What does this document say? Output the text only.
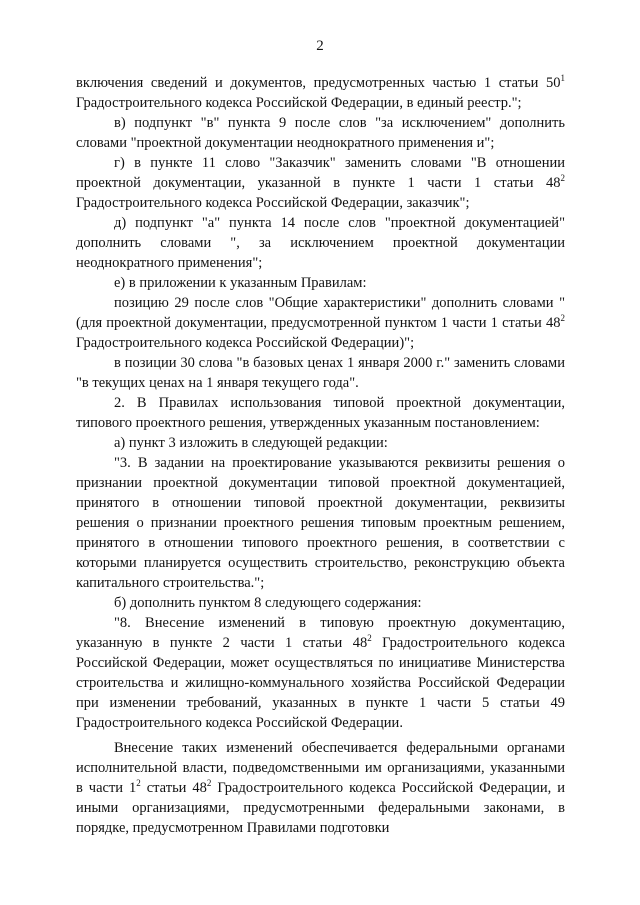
2

включения сведений и документов, предусмотренных частью 1 статьи $50^1$ Градостроительного кодекса Российской Федерации, в единый реестр.";

в) подпункт "в" пункта 9 после слов "за исключением" дополнить словами "проектной документации неоднократного применения и";

г) в пункте 11 слово "Заказчик" заменить словами "В отношении проектной документации, указанной в пункте 1 части 1 статьи $48^2$ Градостроительного кодекса Российской Федерации, заказчик";

д) подпункт "а" пункта 14 после слов "проектной документацией" дополнить словами ", за исключением проектной документации неоднократного применения";

е) в приложении к указанным Правилам:

позицию 29 после слов "Общие характеристики" дополнить словами "(для проектной документации, предусмотренной пунктом 1 части 1 статьи $48^2$ Градостроительного кодекса Российской Федерации)";

в позиции 30 слова "в базовых ценах 1 января 2000 г." заменить словами "в текущих ценах на 1 января текущего года".

2. В Правилах использования типовой проектной документации, типового проектного решения, утвержденных указанным постановлением:

а) пункт 3 изложить в следующей редакции:

"3. В задании на проектирование указываются реквизиты решения о признании проектной документации типовой проектной документацией, принятого в отношении типовой проектной документации, реквизиты решения о признании проектного решения типовым проектным решением, принятого в отношении типового проектного решения, в соответствии с которыми планируется осуществить строительство, реконструкцию объекта капитального строительства.";

б) дополнить пунктом 8 следующего содержания:

"8. Внесение изменений в типовую проектную документацию, указанную в пункте 2 части 1 статьи $48^2$ Градостроительного кодекса Российской Федерации, может осуществляться по инициативе Министерства строительства и жилищно-коммунального хозяйства Российской Федерации при изменении требований, указанных в пункте 1 части 5 статьи 49 Градостроительного кодекса Российской Федерации.

Внесение таких изменений обеспечивается федеральными органами исполнительной власти, подведомственными им организациями, указанными в части $1^2$ статьи $48^2$ Градостроительного кодекса Российской Федерации, и иными организациями, предусмотренными федеральными законами, в порядке, предусмотренном Правилами подготовки
